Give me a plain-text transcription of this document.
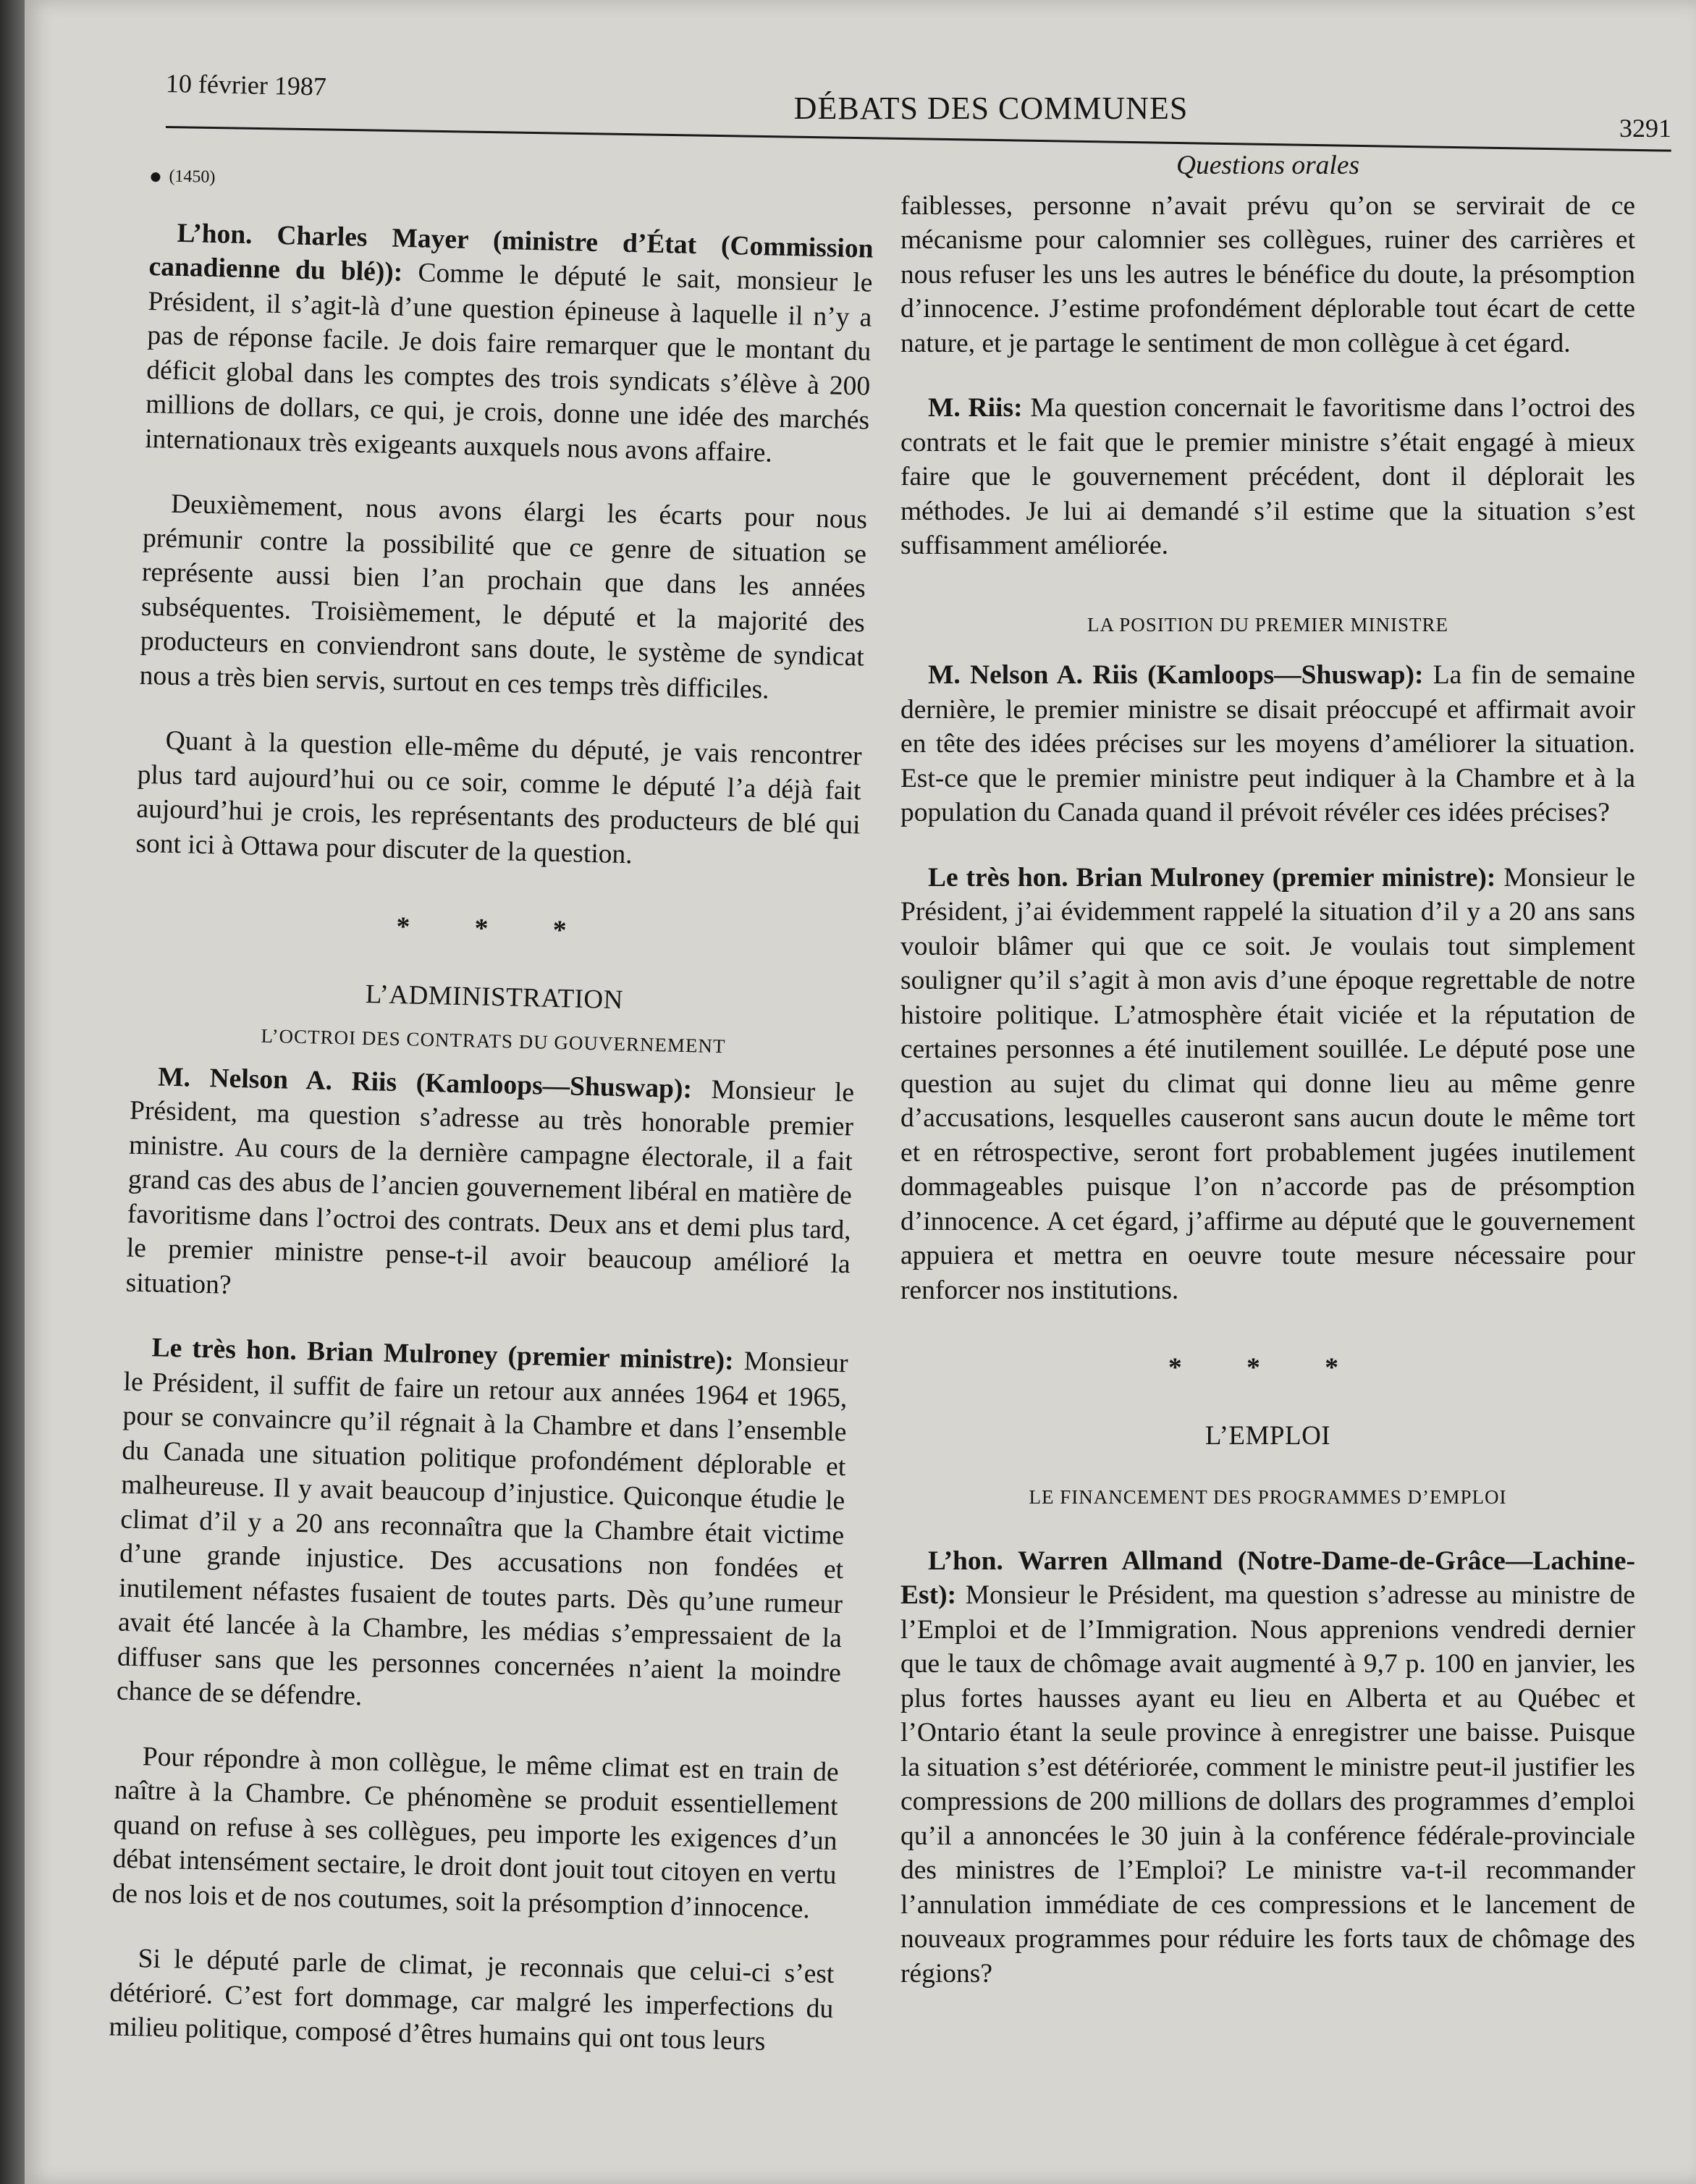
10 février 1987
DÉBATS DES COMMUNES
3291
(1450)

L’hon. Charles Mayer (ministre d’État (Commission canadienne du blé)): Comme le député le sait, monsieur le Président, il s’agit-là d’une question épineuse à laquelle il n’y a pas de réponse facile. Je dois faire remarquer que le montant du déficit global dans les comptes des trois syndicats s’élève à 200 millions de dollars, ce qui, je crois, donne une idée des marchés internationaux très exigeants auxquels nous avons affaire.

Deuxièmement, nous avons élargi les écarts pour nous prémunir contre la possibilité que ce genre de situation se représente aussi bien l’an prochain que dans les années subséquentes. Troisièmement, le député et la majorité des producteurs en conviendront sans doute, le système de syndicat nous a très bien servis, surtout en ces temps très difficiles.

Quant à la question elle-même du député, je vais rencontrer plus tard aujourd’hui ou ce soir, comme le député l’a déjà fait aujourd’hui je crois, les représentants des producteurs de blé qui sont ici à Ottawa pour discuter de la question.

* * *
L’ADMINISTRATION
L’OCTROI DES CONTRATS DU GOUVERNEMENT

M. Nelson A. Riis (Kamloops—Shuswap): Monsieur le Président, ma question s’adresse au très honorable premier ministre. Au cours de la dernière campagne électorale, il a fait grand cas des abus de l’ancien gouvernement libéral en matière de favoritisme dans l’octroi des contrats. Deux ans et demi plus tard, le premier ministre pense-t-il avoir beaucoup amélioré la situation?

Le très hon. Brian Mulroney (premier ministre): Monsieur le Président, il suffit de faire un retour aux années 1964 et 1965, pour se convaincre qu’il régnait à la Chambre et dans l’ensemble du Canada une situation politique profondément déplorable et malheureuse. Il y avait beaucoup d’injustice. Quiconque étudie le climat d’il y a 20 ans reconnaîtra que la Chambre était victime d’une grande injustice. Des accusations non fondées et inutilement néfastes fusaient de toutes parts. Dès qu’une rumeur avait été lancée à la Chambre, les médias s’empressaient de la diffuser sans que les personnes concernées n’aient la moindre chance de se défendre.

Pour répondre à mon collègue, le même climat est en train de naître à la Chambre. Ce phénomène se produit essentiellement quand on refuse à ses collègues, peu importe les exigences d’un débat intensément sectaire, le droit dont jouit tout citoyen en vertu de nos lois et de nos coutumes, soit la présomption d’innocence.

Si le député parle de climat, je reconnais que celui-ci s’est détérioré. C’est fort dommage, car malgré les imperfections du milieu politique, composé d’êtres humains qui ont tous leurs

Questions orales

faiblesses, personne n’avait prévu qu’on se servirait de ce mécanisme pour calomnier ses collègues, ruiner des carrières et nous refuser les uns les autres le bénéfice du doute, la présomption d’innocence. J’estime profondément déplorable tout écart de cette nature, et je partage le sentiment de mon collègue à cet égard.

M. Riis: Ma question concernait le favoritisme dans l’octroi des contrats et le fait que le premier ministre s’était engagé à mieux faire que le gouvernement précédent, dont il déplorait les méthodes. Je lui ai demandé s’il estime que la situation s’est suffisamment améliorée.

LA POSITION DU PREMIER MINISTRE

M. Nelson A. Riis (Kamloops—Shuswap): La fin de semaine dernière, le premier ministre se disait préoccupé et affirmait avoir en tête des idées précises sur les moyens d’améliorer la situation. Est-ce que le premier ministre peut indiquer à la Chambre et à la population du Canada quand il prévoit révéler ces idées précises?

Le très hon. Brian Mulroney (premier ministre): Monsieur le Président, j’ai évidemment rappelé la situation d’il y a 20 ans sans vouloir blâmer qui que ce soit. Je voulais tout simplement souligner qu’il s’agit à mon avis d’une époque regrettable de notre histoire politique. L’atmosphère était viciée et la réputation de certaines personnes a été inutilement souillée. Le député pose une question au sujet du climat qui donne lieu au même genre d’accusations, lesquelles causeront sans aucun doute le même tort et en rétrospective, seront fort probablement jugées inutilement dommageables puisque l’on n’accorde pas de présomption d’innocence. A cet égard, j’affirme au député que le gouvernement appuiera et mettra en oeuvre toute mesure nécessaire pour renforcer nos institutions.

* * *
L’EMPLOI
LE FINANCEMENT DES PROGRAMMES D’EMPLOI

L’hon. Warren Allmand (Notre-Dame-de-Grâce—Lachine-Est): Monsieur le Président, ma question s’adresse au ministre de l’Emploi et de l’Immigration. Nous apprenions vendredi dernier que le taux de chômage avait augmenté à 9,7 p. 100 en janvier, les plus fortes hausses ayant eu lieu en Alberta et au Québec et l’Ontario étant la seule province à enregistrer une baisse. Puisque la situation s’est détériorée, comment le ministre peut-il justifier les compressions de 200 millions de dollars des programmes d’emploi qu’il a annoncées le 30 juin à la conférence fédérale-provinciale des ministres de l’Emploi? Le ministre va-t-il recommander l’annulation immédiate de ces compressions et le lancement de nouveaux programmes pour réduire les forts taux de chômage des régions?
